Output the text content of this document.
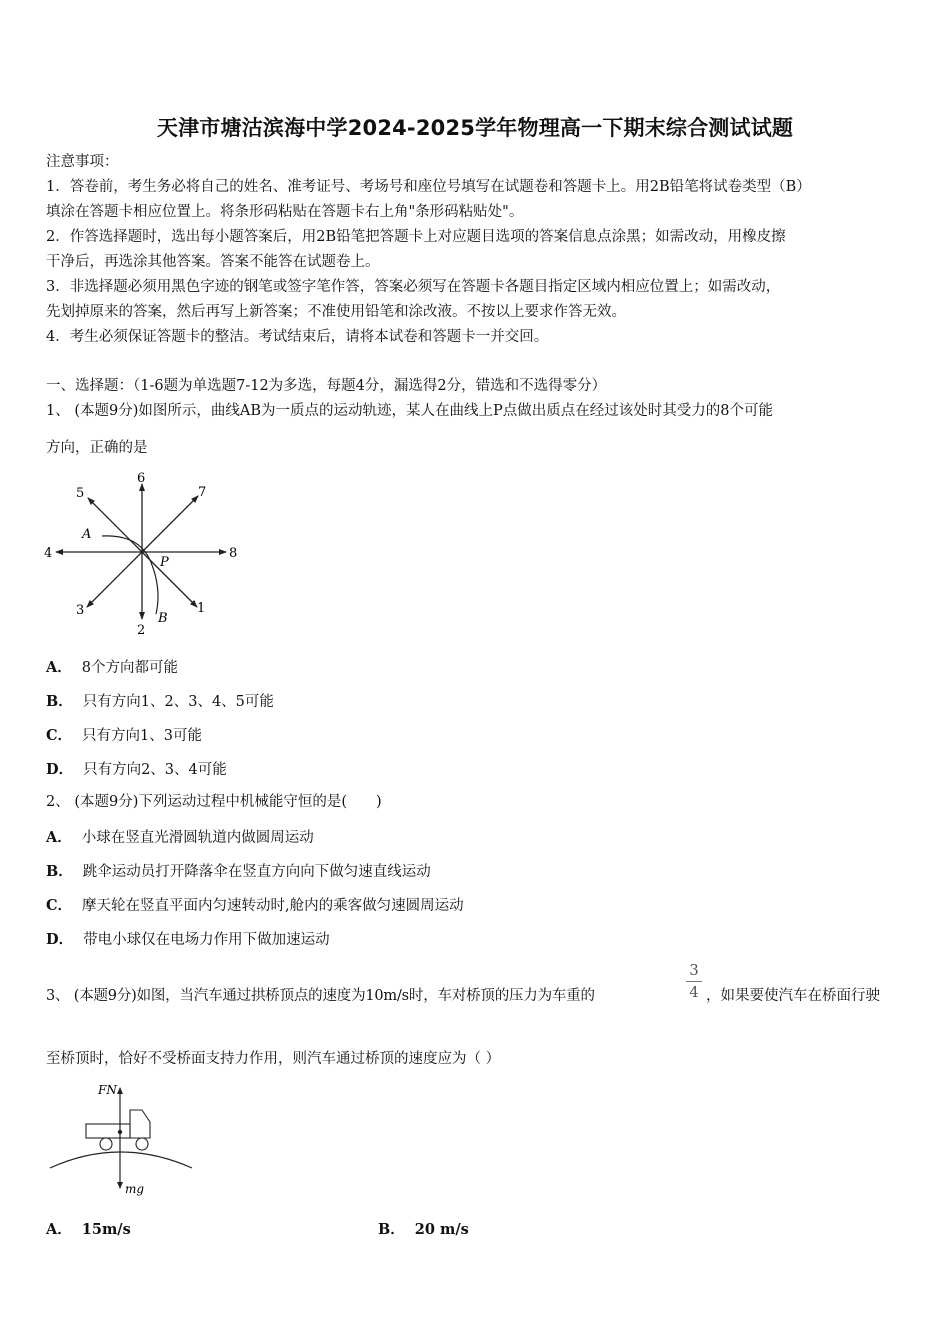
天津市塘沽滨海中学2024-2025学年物理高一下期末综合测试试题
注意事项：
1．答卷前，考生务必将自己的姓名、准考证号、考场号和座位号填写在试题卷和答题卡上。用2B铅笔将试卷类型（B）
填涂在答题卡相应位置上。将条形码粘贴在答题卡右上角"条形码粘贴处"。
2．作答选择题时，选出每小题答案后，用2B铅笔把答题卡上对应题目选项的答案信息点涂黑；如需改动，用橡皮擦
干净后，再选涂其他答案。答案不能答在试题卷上。
3．非选择题必须用黑色字迹的钢笔或签字笔作答，答案必须写在答题卡各题目指定区域内相应位置上；如需改动，
先划掉原来的答案，然后再写上新答案；不准使用铅笔和涂改液。不按以上要求作答无效。
4．考生必须保证答题卡的整洁。考试结束后，请将本试卷和答题卡一并交回。
一、选择题：（1-6题为单选题7-12为多选，每题4分，漏选得2分，错选和不选得零分）
1、 (本题9分)如图所示，曲线AB为一质点的运动轨迹，某人在曲线上P点做出质点在经过该处时其受力的8个可能
方向，正确的是
6
2
4	8
5	7
3	1
A
B
P
A． 8个方向都可能
B． 只有方向1、2、3、4、5可能
C． 只有方向1、3可能
D． 只有方向2、3、4可能
2、 (本题9分)下列运动过程中机械能守恒的是(　　)
A． 小球在竖直光滑圆轨道内做圆周运动
B． 跳伞运动员打开降落伞在竖直方向向下做匀速直线运动
C． 摩天轮在竖直平面内匀速转动时,舱内的乘客做匀速圆周运动
D． 带电小球仅在电场力作用下做加速运动
3、 (本题9分)如图，当汽车通过拱桥顶点的速度为10m/s时，车对桥顶的压力为车重的
3
4 ，如果要使汽车在桥面行驶
至桥顶时，恰好不受桥面支持力作用，则汽车通过桥顶的速度应为（ ）
FN
mg
A． 15m/s	B． 20 m/s
